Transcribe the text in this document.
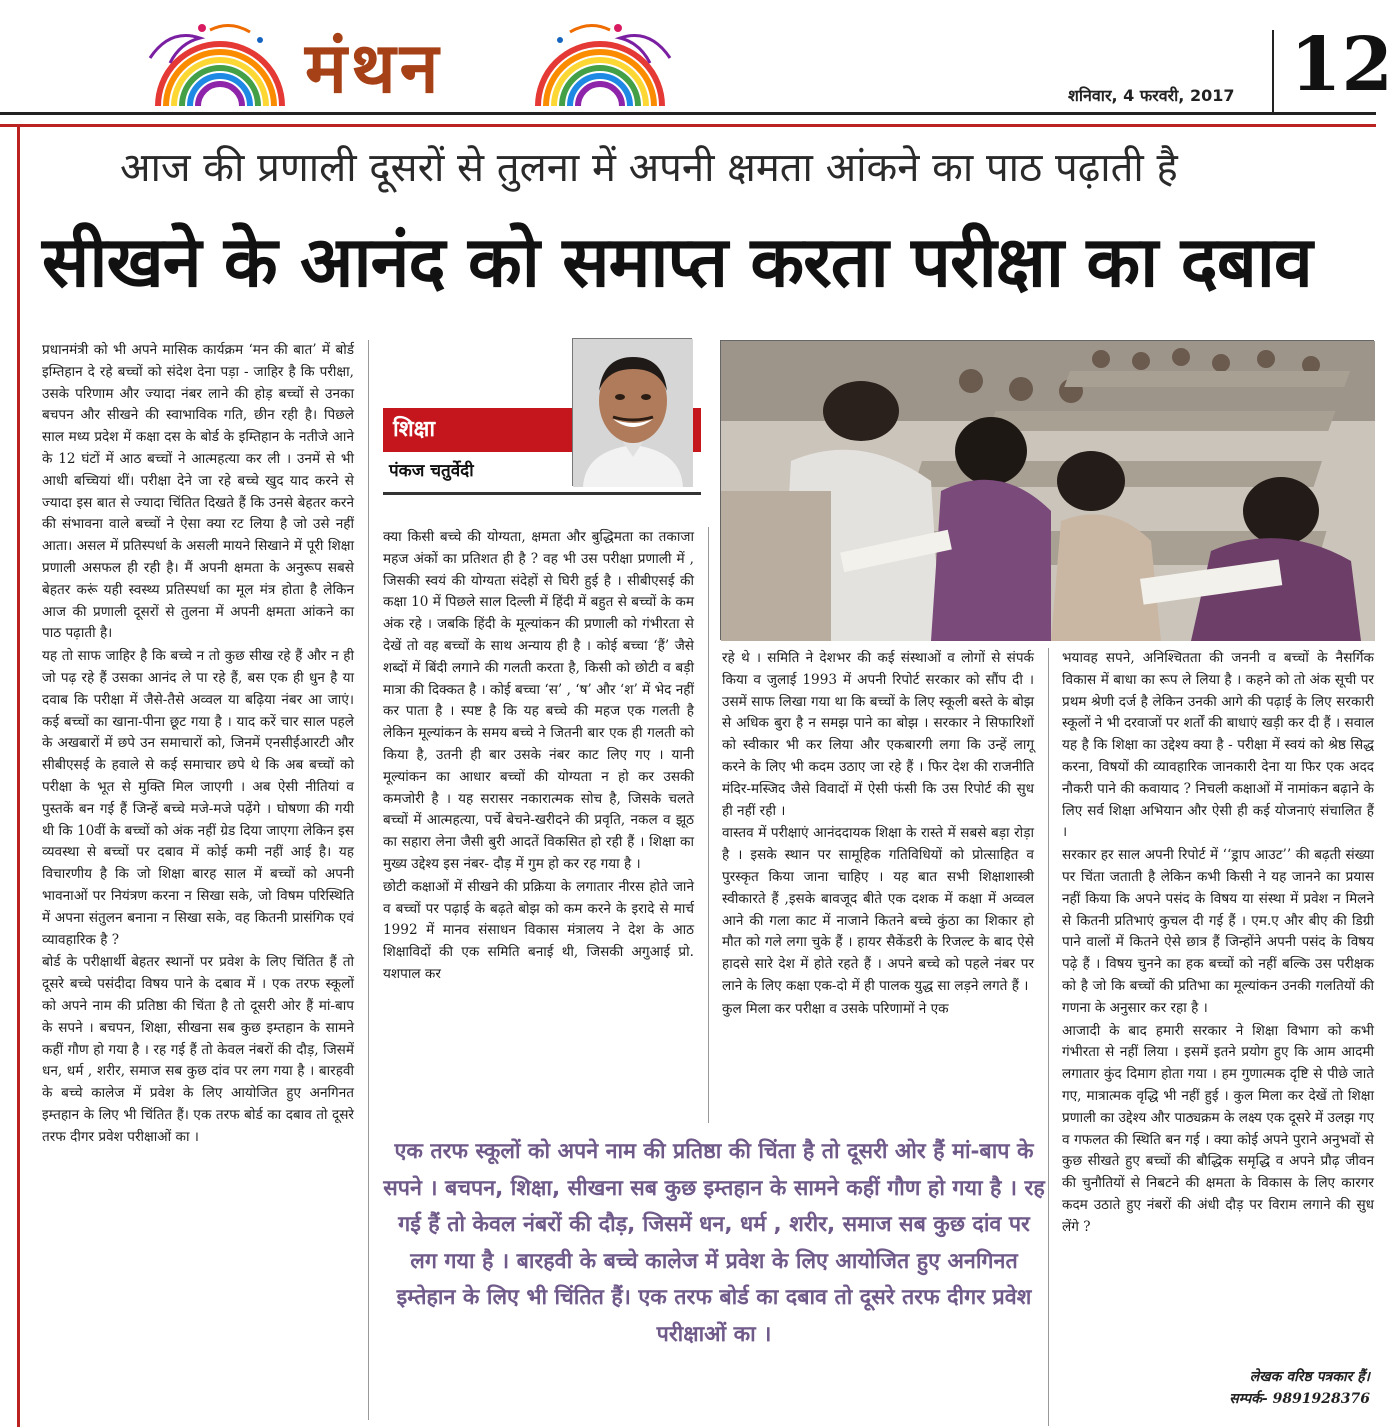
मंथन	शनिवार, 4 फरवरी, 2017 12
आज की प्रणाली दूसरों से तुलना में अपनी क्षमता आंकने का पाठ पढ़ाती है
सीखने के आनंद को समाप्त करता परीक्षा का दबाव

प्रधानमंत्री को भी अपने मासिक कार्यक्रम ‘मन की बात’ में बोर्ड इम्तिहान दे रहे बच्चों को संदेश देना पड़ा - जाहिर है कि परीक्षा, उसके परिणाम और ज्यादा नंबर लाने की होड़ बच्चों से उनका बचपन और सीखने की स्वाभाविक गति, छीन रही है। पिछले साल मध्य प्रदेश में कक्षा दस के बोर्ड के इम्तिहान के नतीजे आने के 12 घंटों में आठ बच्चों ने आत्महत्या कर ली । उनमें से भी आधी बच्चियां थीं। परीक्षा देने जा रहे बच्चे खुद याद करने से ज्यादा इस बात से ज्यादा चिंतित दिखते हैं कि उनसे बेहतर करने की संभावना वाले बच्चों ने ऐसा क्या रट लिया है जो उसे नहीं आता। असल में प्रतिस्पर्धा के असली मायने सिखाने में पूरी शिक्षा प्रणाली असफल ही रही है। मैं अपनी क्षमता के अनुरूप सबसे बेहतर करूं यही स्वस्थ्य प्रतिस्पर्धा का मूल मंत्र होता है लेकिन आज की प्रणाली दूसरों से तुलना में अपनी क्षमता आंकने का पाठ पढ़ाती है।

यह तो साफ जाहिर है कि बच्चे न तो कुछ सीख रहे हैं और न ही जो पढ़ रहे हैं उसका आनंद ले पा रहे हैं, बस एक ही धुन है या दवाब कि परीक्षा में जैसे-तैसे अव्वल या बढ़िया नंबर आ जाएं। कई बच्चों का खाना-पीना छूट गया है । याद करें चार साल पहले के अखबारों में छपे उन समाचारों को, जिनमें एनसीईआरटी और सीबीएसई के हवाले से कई समाचार छपे थे कि अब बच्चों को परीक्षा के भूत से मुक्ति मिल जाएगी । अब ऐसी नीतियां व पुस्तकें बन गई हैं जिन्हें बच्चे मजे-मजे पढ़ेंगे । घोषणा की गयी थी कि 10वीं के बच्चों को अंक नहीं ग्रेड दिया जाएगा लेकिन इस व्यवस्था से बच्चों पर दबाव में कोई कमी नहीं आई है। यह विचारणीय है कि जो शिक्षा बारह साल में बच्चों को अपनी भावनाओं पर नियंत्रण करना न सिखा सके, जो विषम परिस्थिति में अपना संतुलन बनाना न सिखा सके, वह कितनी प्रासंगिक एवं व्यावहारिक है ?

बोर्ड के परीक्षार्थी बेहतर स्थानों पर प्रवेश के लिए चिंतित हैं तो दूसरे बच्चे पसंदीदा विषय पाने के दबाव में । एक तरफ स्कूलों को अपने नाम की प्रतिष्ठा की चिंता है तो दूसरी ओर हैं मां-बाप के सपने । बचपन, शिक्षा, सीखना सब कुछ इम्तहान के सामने कहीं गौण हो गया है । रह गई हैं तो केवल नंबरों की दौड़, जिसमें धन, धर्म , शरीर, समाज सब कुछ दांव पर लग गया है । बारहवी के बच्चे कालेज में प्रवेश के लिए आयोजित हुए अनगिनत इम्तहान के लिए भी चिंतित हैं। एक तरफ बोर्ड का दबाव तो दूसरे तरफ दीगर प्रवेश परीक्षाओं का ।

शिक्षा
पंकज चतुर्वेदी

क्या किसी बच्चे की योग्यता, क्षमता और बुद्धिमता का तकाजा महज अंकों का प्रतिशत ही है ? वह भी उस परीक्षा प्रणाली में , जिसकी स्वयं की योग्यता संदेहों से घिरी हुई है । सीबीएसई की कक्षा 10 में पिछले साल दिल्ली में हिंदी में बहुत से बच्चों के कम अंक रहे । जबकि हिंदी के मूल्यांकन की प्रणाली को गंभीरता से देखें तो वह बच्चों के साथ अन्याय ही है । कोई बच्चा ‘हैं’ जैसे शब्दों में बिंदी लगाने की गलती करता है, किसी को छोटी व बड़ी मात्रा की दिक्कत है । कोई बच्चा ‘स’ , ‘ष’ और ‘श’ में भेद नहीं कर पाता है । स्पष्ट है कि यह बच्चे की महज एक गलती है लेकिन मूल्यांकन के समय बच्चे ने जितनी बार एक ही गलती को किया है, उतनी ही बार उसके नंबर काट लिए गए । यानी मूल्यांकन का आधार बच्चों की योग्यता न हो कर उसकी कमजोरी है । यह सरासर नकारात्मक सोच है, जिसके चलते बच्चों में आत्महत्या, पर्चे बेचने-खरीदने की प्रवृति, नकल व झूठ का सहारा लेना जैसी बुरी आदतें विकसित हो रही हैं । शिक्षा का मुख्य उद्देश्य इस नंबर- दौड़ में गुम हो कर रह गया है ।

छोटी कक्षाओं में सीखने की प्रक्रिया के लगातार नीरस होते जाने व बच्चों पर पढ़ाई के बढ़ते बोझ को कम करने के इरादे से मार्च 1992 में मानव संसाधन विकास मंत्रालय ने देश के आठ शिक्षाविदों की एक समिति बनाई थी, जिसकी अगुआई प्रो. यशपाल कर

रहे थे । समिति ने देशभर की कई संस्थाओं व लोगों से संपर्क किया व जुलाई 1993 में अपनी रिपोर्ट सरकार को सौंप दी । उसमें साफ लिखा गया था कि बच्चों के लिए स्कूली बस्ते के बोझ से अधिक बुरा है न समझ पाने का बोझ । सरकार ने सिफारिशों को स्वीकार भी कर लिया और एकबारगी लगा कि उन्हें लागू करने के लिए भी कदम उठाए जा रहे हैं । फिर देश की राजनीति मंदिर-मस्जिद जैसे विवादों में ऐसी फंसी कि उस रिपोर्ट की सुध ही नहीं रही ।

वास्तव में परीक्षाएं आनंददायक शिक्षा के रास्ते में सबसे बड़ा रोड़ा है । इसके स्थान पर सामूहिक गतिविधियों को प्रोत्साहित व पुरस्कृत किया जाना चाहिए । यह बात सभी शिक्षाशास्त्री स्वीकारते हैं ,इसके बावजूद बीते एक दशक में कक्षा में अव्वल आने की गला काट में नाजाने कितने बच्चे कुंठा का शिकार हो मौत को गले लगा चुके हैं । हायर सैकेंडरी के रिजल्ट के बाद ऐसे हादसे सारे देश में होते रहते हैं । अपने बच्चे को पहले नंबर पर लाने के लिए कक्षा एक-दो में ही पालक युद्ध सा लड़ने लगते हैं ।

कुल मिला कर परीक्षा व उसके परिणामों ने एक

भयावह सपने, अनिश्चितता की जननी व बच्चों के नैसर्गिक विकास में बाधा का रूप ले लिया है । कहने को तो अंक सूची पर प्रथम श्रेणी दर्ज है लेकिन उनकी आगे की पढ़ाई के लिए सरकारी स्कूलों ने भी दरवाजों पर शर्तों की बाधाएं खड़ी कर दी हैं । सवाल यह है कि शिक्षा का उद्देश्य क्या है - परीक्षा में स्वयं को श्रेष्ठ सिद्ध करना, विषयों की व्यावहारिक जानकारी देना या फिर एक अदद नौकरी पाने की कवायाद ? निचली कक्षाओं में नामांकन बढ़ाने के लिए सर्व शिक्षा अभियान और ऐसी ही कई योजनाएं संचालित हैं ।

सरकार हर साल अपनी रिपोर्ट में ‘‘ड्राप आउट’’ की बढ़ती संख्या पर चिंता जताती है लेकिन कभी किसी ने यह जानने का प्रयास नहीं किया कि अपने पसंद के विषय या संस्था में प्रवेश न मिलने से कितनी प्रतिभाएं कुचल दी गई हैं । एम.ए और बीए की डिग्री पाने वालों में कितने ऐसे छात्र हैं जिन्होंने अपनी पसंद के विषय पढ़े हैं । विषय चुनने का हक बच्चों को नहीं बल्कि उस परीक्षक को है जो कि बच्चों की प्रतिभा का मूल्यांकन उनकी गलतियों की गणना के अनुसार कर रहा है ।

आजादी के बाद हमारी सरकार ने शिक्षा विभाग को कभी गंभीरता से नहीं लिया । इसमें इतने प्रयोग हुए कि आम आदमी लगातार कुंद दिमाग होता गया । हम गुणात्मक दृष्टि से पीछे जाते गए, मात्रात्मक वृद्धि भी नहीं हुई । कुल मिला कर देखें तो शिक्षा प्रणाली का उद्देश्य और पाठ्यक्रम के लक्ष्य एक दूसरे में उलझ गए व गफलत की स्थिति बन गई । क्या कोई अपने पुराने अनुभवों से कुछ सीखते हुए बच्चों की बौद्धिक समृद्धि व अपने प्रौढ़ जीवन की चुनौतियों से निबटने की क्षमता के विकास के लिए कारगर कदम उठाते हुए नंबरों की अंधी दौड़ पर विराम लगाने की सुध लेंगे ?

एक तरफ स्कूलों को अपने नाम की प्रतिष्ठा की चिंता है तो दूसरी ओर हैं मां-बाप के सपने । बचपन, शिक्षा, सीखना सब कुछ इम्तहान के सामने कहीं गौण हो गया है । रह गई हैं तो केवल नंबरों की दौड़, जिसमें धन, धर्म , शरीर, समाज सब कुछ दांव पर लग गया है । बारहवी के बच्चे कालेज में प्रवेश के लिए आयोजित हुए अनगिनत इम्तेहान के लिए भी चिंतित हैं। एक तरफ बोर्ड का दबाव तो दूसरे तरफ दीगर प्रवेश परीक्षाओं का ।
लेखक वरिष्ठ पत्रकार हैं।
सम्पर्क- 9891928376
